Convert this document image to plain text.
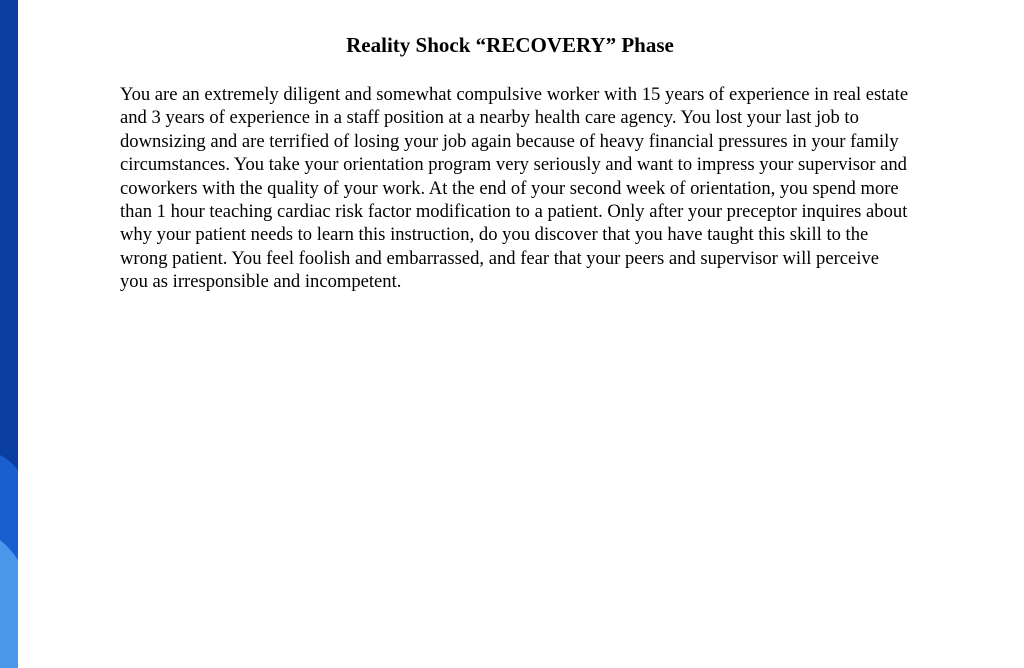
Reality Shock “RECOVERY” Phase

You are an extremely diligent and somewhat compulsive worker with 15 years of experience in real estate and 3 years of experience in a staff position at a nearby health care agency. You lost your last job to downsizing and are terrified of losing your job again because of heavy financial pressures in your family circumstances. You take your orientation program very seriously and want to impress your supervisor and coworkers with the quality of your work. At the end of your second week of orientation, you spend more than 1 hour teaching cardiac risk factor modification to a patient. Only after your preceptor inquires about why your patient needs to learn this instruction, do you discover that you have taught this skill to the wrong patient. You feel foolish and embarrassed, and fear that your peers and supervisor will perceive you as irresponsible and incompetent.
